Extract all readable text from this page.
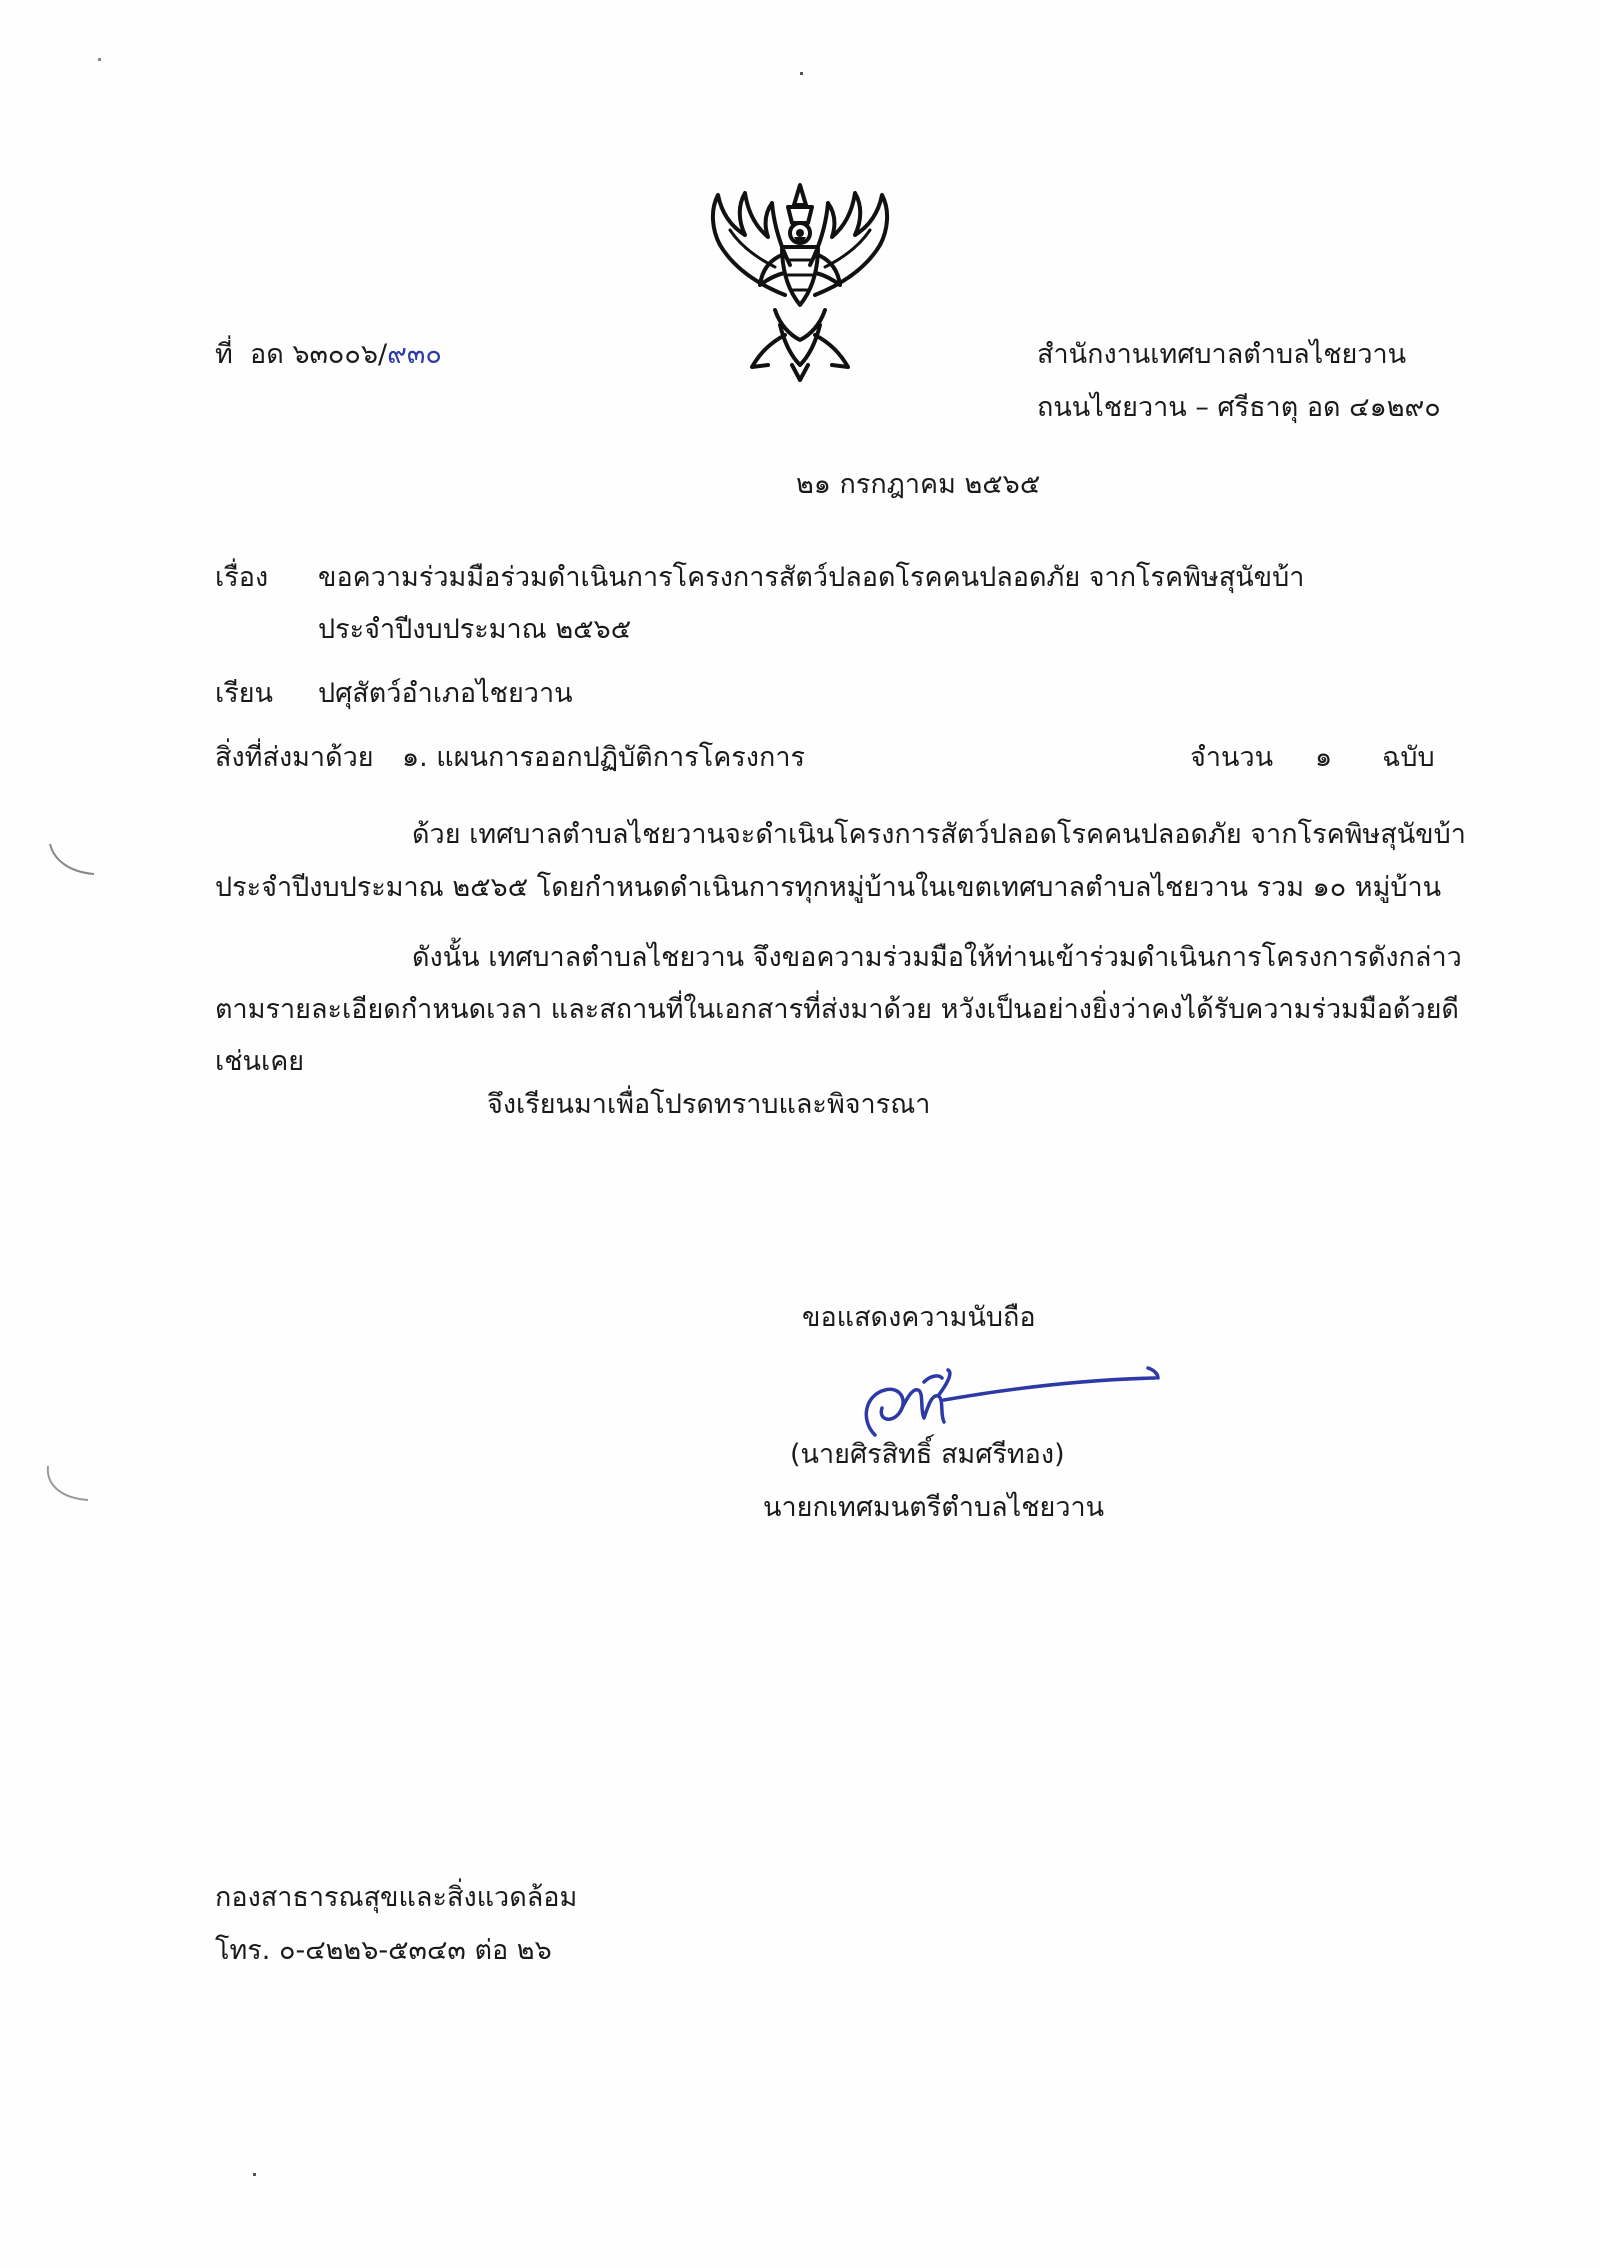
ที่ อด ๖๓๐๐๖/๙๓๐	สำนักงานเทศบาลตำบลไชยวาน
ถนนไชยวาน – ศรีธาตุ อด ๔๑๒๙๐
๒๑ กรกฎาคม ๒๕๖๕
เรื่อง ขอความร่วมมือร่วมดำเนินการโครงการสัตว์ปลอดโรคคนปลอดภัย จากโรคพิษสุนัขบ้า
ประจำปีงบประมาณ ๒๕๖๕
เรียน ปศุสัตว์อำเภอไชยวาน
สิ่งที่ส่งมาด้วย ๑. แผนการออกปฏิบัติการโครงการ	จำนวน ๑ ฉบับ
ด้วย เทศบาลตำบลไชยวานจะดำเนินโครงการสัตว์ปลอดโรคคนปลอดภัย จากโรคพิษสุนัขบ้า
ประจำปีงบประมาณ ๒๕๖๕ โดยกำหนดดำเนินการทุกหมู่บ้านในเขตเทศบาลตำบลไชยวาน รวม ๑๐ หมู่บ้าน
ดังนั้น เทศบาลตำบลไชยวาน จึงขอความร่วมมือให้ท่านเข้าร่วมดำเนินการโครงการดังกล่าว
ตามรายละเอียดกำหนดเวลา และสถานที่ในเอกสารที่ส่งมาด้วย หวังเป็นอย่างยิ่งว่าคงได้รับความร่วมมือด้วยดี
เช่นเคย
จึงเรียนมาเพื่อโปรดทราบและพิจารณา
ขอแสดงความนับถือ
(นายศิรสิทธิ์ สมศรีทอง)
นายกเทศมนตรีตำบลไชยวาน
กองสาธารณสุขและสิ่งแวดล้อม
โทร. ๐-๔๒๒๖-๕๓๔๓ ต่อ ๒๖
